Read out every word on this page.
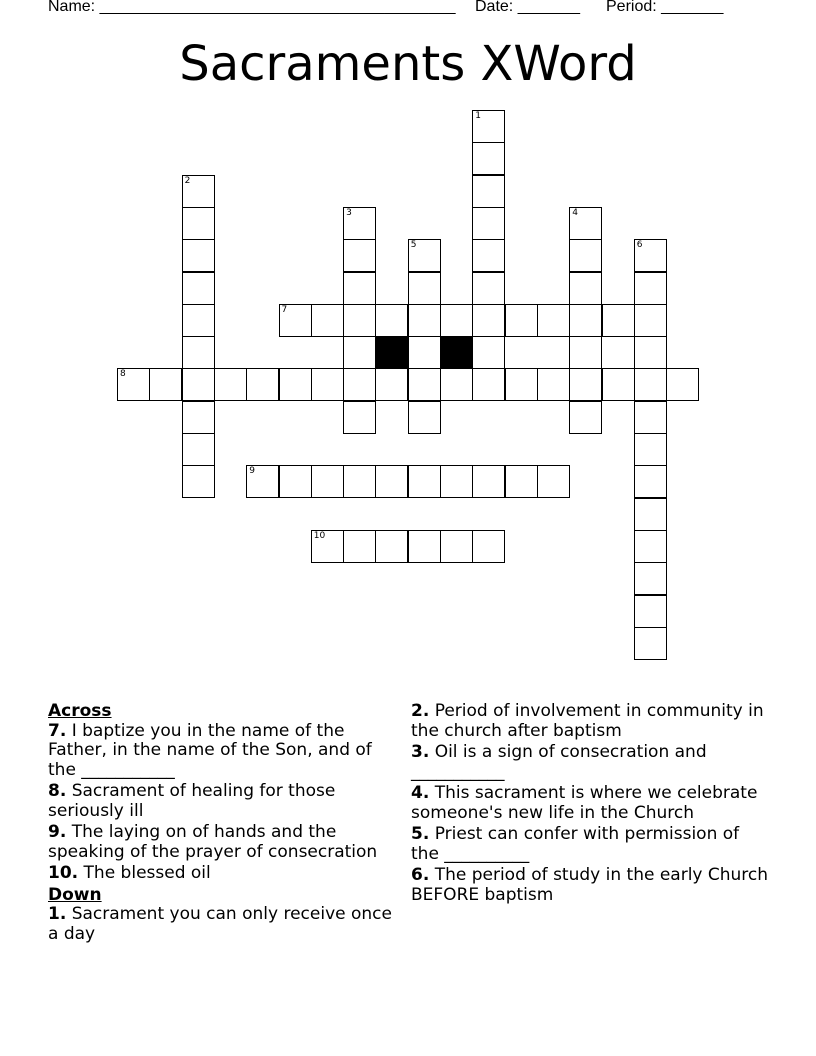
Name: ________________________________________ Date: _______ Period: _______
Sacraments XWord
1
2
3	4
5	6
7
8
9
10
Across
7. I baptize you in the name of the Father, in the name of the Son, and of the ___________
8. Sacrament of healing for those seriously ill
9. The laying on of hands and the speaking of the prayer of consecration
10. The blessed oil
Down
1. Sacrament you can only receive once a day
2. Period of involvement in community in the church after baptism
3. Oil is a sign of consecration and ___________
4. This sacrament is where we celebrate someone's new life in the Church
5. Priest can confer with permission of the __________
6. The period of study in the early Church BEFORE baptism
